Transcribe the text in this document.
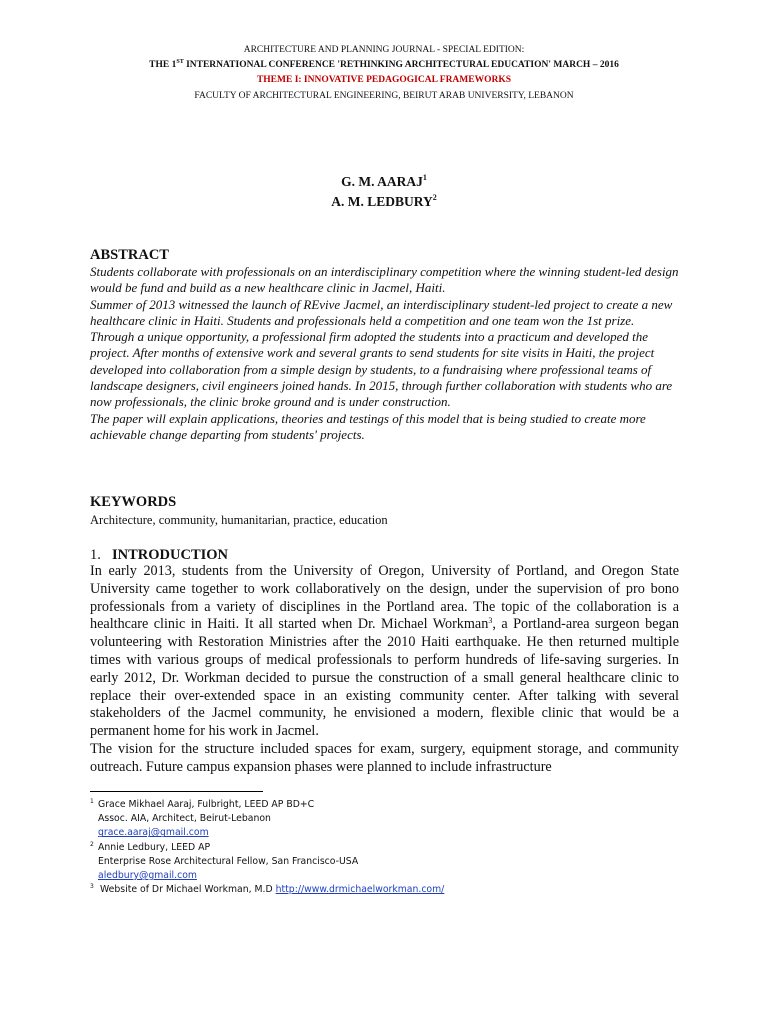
ARCHITECTURE AND PLANNING JOURNAL - SPECIAL EDITION:
THE 1ST INTERNATIONAL CONFERENCE 'RETHINKING ARCHITECTURAL EDUCATION' MARCH – 2016
THEME I: INNOVATIVE PEDAGOGICAL FRAMEWORKS
FACULTY OF ARCHITECTURAL ENGINEERING, BEIRUT ARAB UNIVERSITY, LEBANON
G. M. AARAJ$^1$
A. M. LEDBURY$^2$
ABSTRACT

Students collaborate with professionals on an interdisciplinary competition where the winning student-led design would be fund and build as a new healthcare clinic in Jacmel, Haiti.

Summer of 2013 witnessed the launch of REvive Jacmel, an interdisciplinary student-led project to create a new healthcare clinic in Haiti. Students and professionals held a competition and one team won the 1st prize. Through a unique opportunity, a professional firm adopted the students into a practicum and developed the project. After months of extensive work and several grants to send students for site visits in Haiti, the project developed into collaboration from a simple design by students, to a fundraising where professional teams of landscape designers, civil engineers joined hands. In 2015, through further collaboration with students who are now professionals, the clinic broke ground and is under construction.

The paper will explain applications, theories and testings of this model that is being studied to create more achievable change departing from students' projects.

KEYWORDS
Architecture, community, humanitarian, practice, education
1. INTRODUCTION

In early 2013, students from the University of Oregon, University of Portland, and Oregon State University came together to work collaboratively on the design, under the supervision of pro bono professionals from a variety of disciplines in the Portland area. The topic of the collaboration is a healthcare clinic in Haiti. It all started when Dr. Michael Workman$^3$, a Portland-area surgeon began volunteering with Restoration Ministries after the 2010 Haiti earthquake. He then returned multiple times with various groups of medical professionals to perform hundreds of life-saving surgeries. In early 2012, Dr. Workman decided to pursue the construction of a small general healthcare clinic to replace their over-extended space in an existing community center. After talking with several stakeholders of the Jacmel community, he envisioned a modern, flexible clinic that would be a permanent home for his work in Jacmel.

The vision for the structure included spaces for exam, surgery, equipment storage, and community outreach. Future campus expansion phases were planned to include infrastructure

$^1$ Grace Mikhael Aaraj, Fulbright, LEED AP BD+C
Assoc. AIA, Architect, Beirut-Lebanon
grace.aaraj@gmail.com
$^2$ Annie Ledbury, LEED AP
Enterprise Rose Architectural Fellow, San Francisco-USA
aledbury@gmail.com
$^3$ Website of Dr Michael Workman, M.D http://www.drmichaelworkman.com/
